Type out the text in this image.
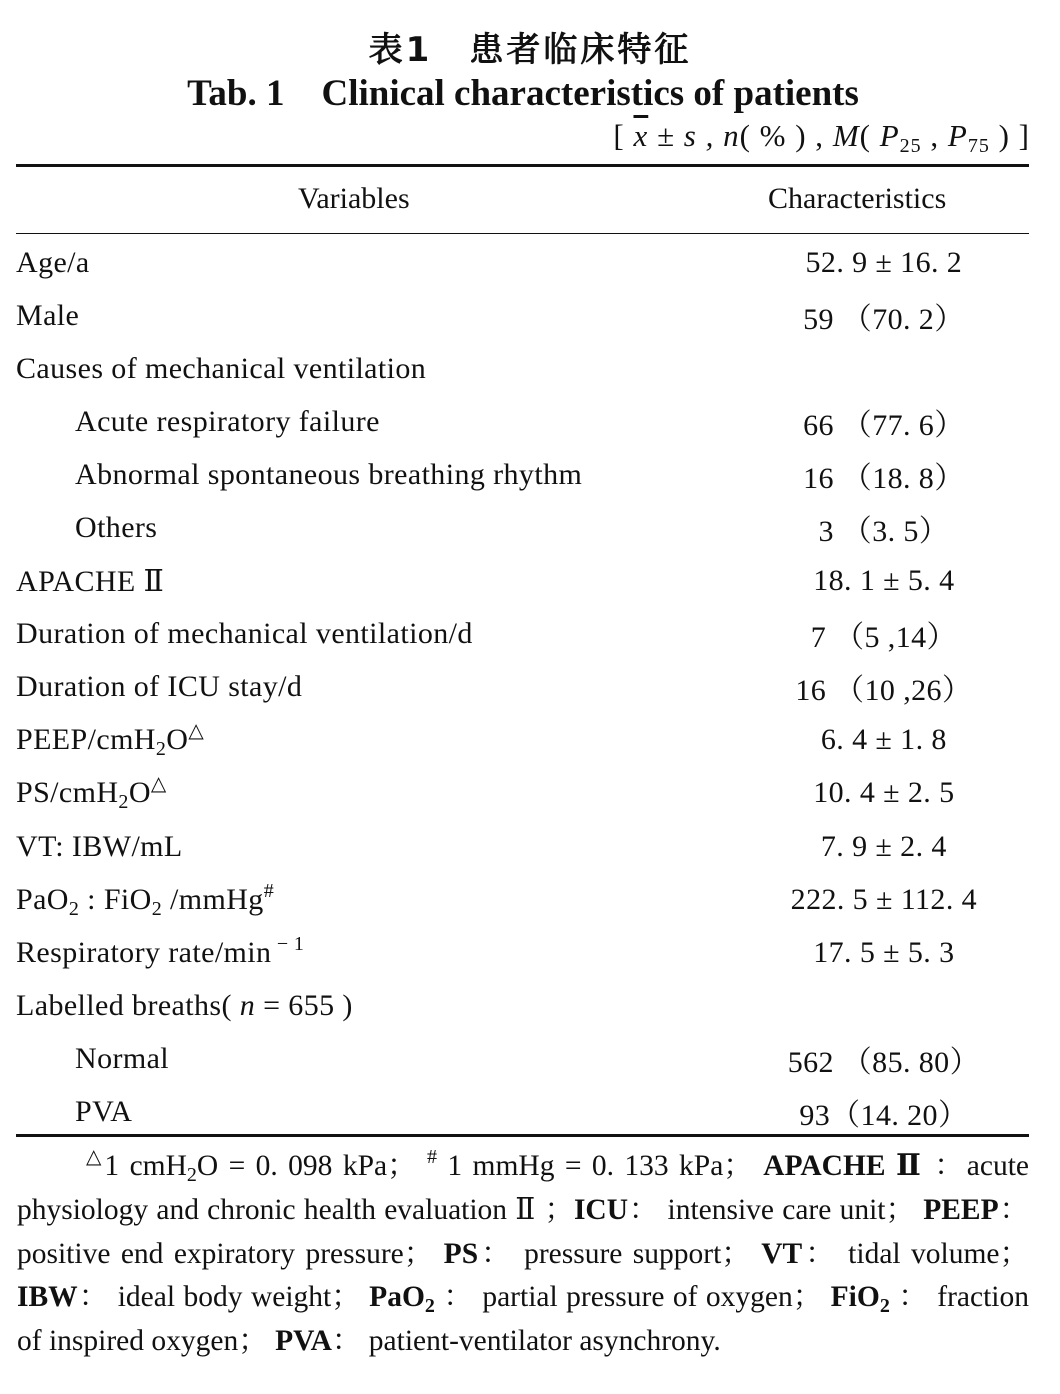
表1　患者临床特征
Tab. 1    Clinical characteristics of patients
[ $\overline{x} \pm s$ , n( % ) , M( $P_{25}$ , $P_{75}$ ) ]
Variables	Characteristics
Age/a	52. 9 ± 16. 2
Male	59 （70. 2）
Causes of mechanical ventilation	
Acute respiratory failure	66 （77. 6）
Abnormal spontaneous breathing rhythm	16 （18. 8）
Others	3 （3. 5）
APACHE Ⅱ	18. 1 ± 5. 4
Duration of mechanical ventilation/d	7 （5 ,14）
Duration of ICU stay/d	16 （10 ,26）
PEEP/cmH$_2$O△	6. 4 ± 1. 8
PS/cmH$_2$O△	10. 4 ± 2. 5
VT: IBW/mL	7. 9 ± 2. 4
PaO$_2$ : FiO$_2$ /mmHg#	222. 5 ± 112. 4
Respiratory rate/min $^{- 1}$	17. 5 ± 5. 3
Labelled breaths( n = 655 )	
Normal	562 （85. 80）
PVA	93（14. 20）
△1 cmH$_2$O = 0. 098 kPa； # 1 mmHg = 0. 133 kPa； APACHE Ⅱ ：acute physiology and chronic health evaluation Ⅱ ；ICU： intensive care unit； PEEP： positive end expiratory pressure； PS： pressure support； VT： tidal volume； IBW： ideal body weight； PaO$_2$ ： partial pressure of oxygen； FiO$_2$ ： fraction of inspired oxygen； PVA： patient-ventilator asynchrony.
